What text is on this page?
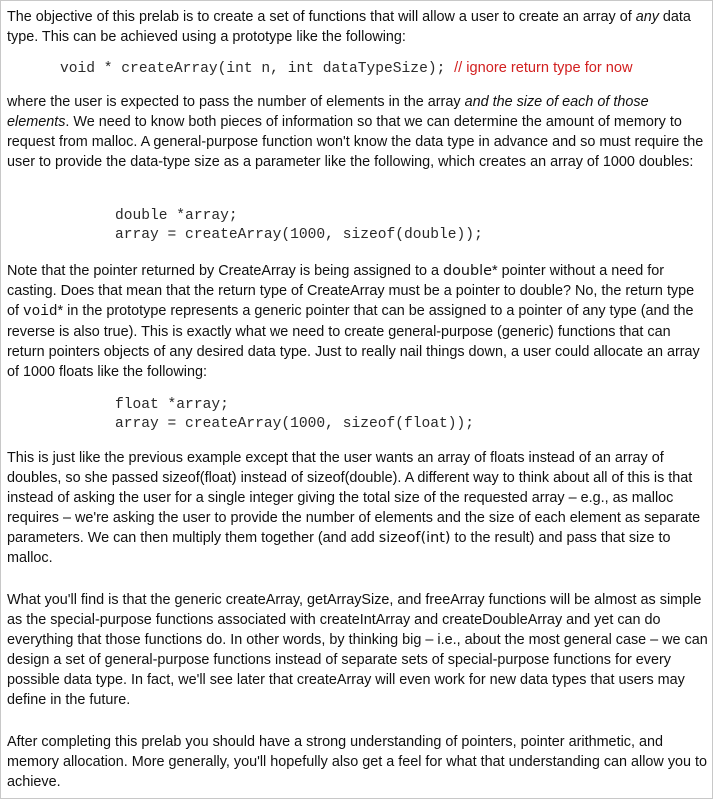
The objective of this prelab is to create a set of functions that will allow a user to create an array of any data type. This can be achieved using a prototype like the following:

void * createArray(int n, int dataTypeSize); // ignore return type for now

where the user is expected to pass the number of elements in the array and the size of each of those elements. We need to know both pieces of information so that we can determine the amount of memory to request from malloc. A general-purpose function won't know the data type in advance and so must require the user to provide the data-type size as a parameter like the following, which creates an array of 1000 doubles:

double *array;
array = createArray(1000, sizeof(double));

Note that the pointer returned by CreateArray is being assigned to a double* pointer without a need for casting. Does that mean that the return type of CreateArray must be a pointer to double? No, the return type of void* in the prototype represents a generic pointer that can be assigned to a pointer of any type (and the reverse is also true). This is exactly what we need to create general-purpose (generic) functions that can return pointers objects of any desired data type. Just to really nail things down, a user could allocate an array of 1000 floats like the following:

float *array;
array = createArray(1000, sizeof(float));

This is just like the previous example except that the user wants an array of floats instead of an array of doubles, so she passed sizeof(float) instead of sizeof(double). A different way to think about all of this is that instead of asking the user for a single integer giving the total size of the requested array – e.g., as malloc requires – we're asking the user to provide the number of elements and the size of each element as separate parameters. We can then multiply them together (and add sizeof(int) to the result) and pass that size to malloc.

What you'll find is that the generic createArray, getArraySize, and freeArray functions will be almost as simple as the special-purpose functions associated with createIntArray and createDoubleArray and yet can do everything that those functions do. In other words, by thinking big – i.e., about the most general case – we can design a set of general-purpose functions instead of separate sets of special-purpose functions for every possible data type. In fact, we'll see later that createArray will even work for new data types that users may define in the future.

After completing this prelab you should have a strong understanding of pointers, pointer arithmetic, and memory allocation. More generally, you'll hopefully also get a feel for what that understanding can allow you to achieve.
